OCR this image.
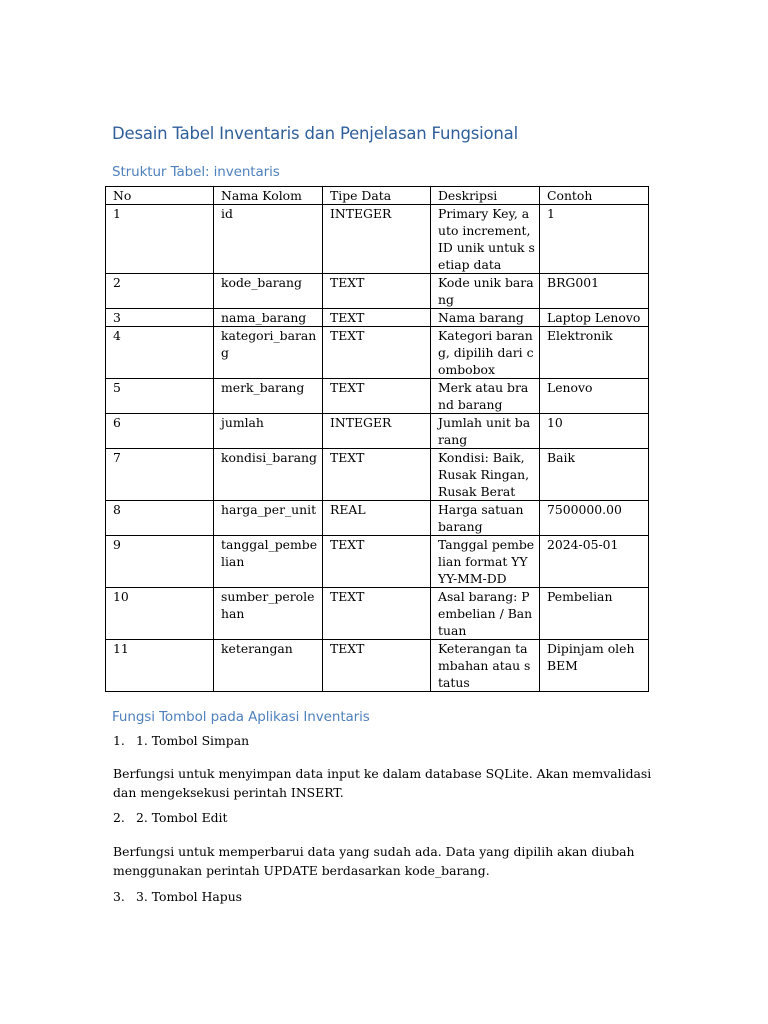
Desain Tabel Inventaris dan Penjelasan Fungsional
Struktur Tabel: inventaris
No	Nama Kolom	Tipe Data	Deskripsi	Contoh
1	id	INTEGER	Primary Key, auto increment, ID unik untuk setiap data	1
2	kode_barang	TEXT	Kode unik barang	BRG001
3	nama_barang	TEXT	Nama barang	Laptop Lenovo
4	kategori_barang	TEXT	Kategori barang, dipilih dari combobox	Elektronik
5	merk_barang	TEXT	Merk atau brand barang	Lenovo
6	jumlah	INTEGER	Jumlah unit barang	10
7	kondisi_barang	TEXT	Kondisi: Baik, Rusak Ringan, Rusak Berat	Baik
8	harga_per_unit	REAL	Harga satuan barang	7500000.00
9	tanggal_pembelian	TEXT	Tanggal pembelian format YYYY-MM-DD	2024-05-01
10	sumber_perolehan	TEXT	Asal barang: Pembelian / Bantuan	Pembelian
11	keterangan	TEXT	Keterangan tambahan atau status	Dipinjam oleh BEM
Fungsi Tombol pada Aplikasi Inventaris
1. 1. Tombol Simpan
Berfungsi untuk menyimpan data input ke dalam database SQLite. Akan memvalidasi dan mengeksekusi perintah INSERT.
2. 2. Tombol Edit
Berfungsi untuk memperbarui data yang sudah ada. Data yang dipilih akan diubah menggunakan perintah UPDATE berdasarkan kode_barang.
3. 3. Tombol Hapus
